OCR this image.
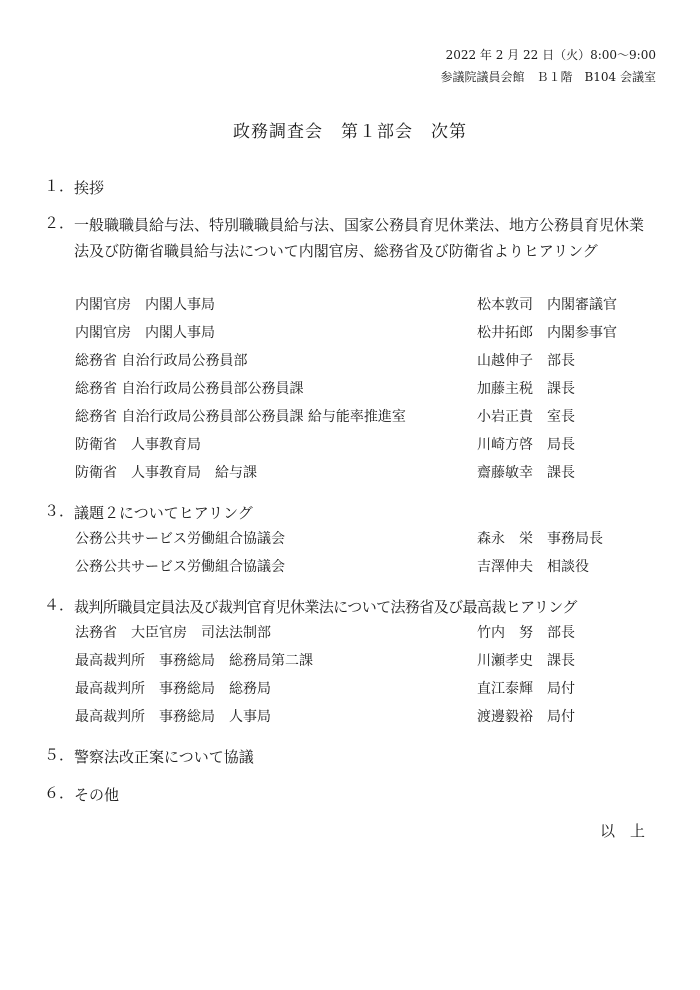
2022 年 2 月 22 日（火）8:00～9:00
参議院議員会館　Ｂ１階　B104 会議室
政務調査会　第１部会　次第
１． 挨拶
２． 一般職職員給与法、特別職職員給与法、国家公務員育児休業法、地方公務員育児休業法及び防衛省職員給与法について内閣官房、総務省及び防衛省よりヒアリング
内閣官房　内閣人事局	松本敦司　内閣審議官
内閣官房　内閣人事局	松井拓郎　内閣参事官
総務省 自治行政局公務員部	山越伸子　部長
総務省 自治行政局公務員部公務員課	加藤主税　課長
総務省 自治行政局公務員部公務員課 給与能率推進室	小岩正貴　室長
防衛省　人事教育局	川崎方啓　局長
防衛省　人事教育局　給与課	齋藤敏幸　課長
３． 議題２についてヒアリング
公務公共サービス労働組合協議会	森永　栄　事務局長
公務公共サービス労働組合協議会	吉澤伸夫　相談役
４． 裁判所職員定員法及び裁判官育児休業法について法務省及び最高裁ヒアリング
法務省　大臣官房　司法法制部	竹内　努　部長
最高裁判所　事務総局　総務局第二課	川瀬孝史　課長
最高裁判所　事務総局　総務局	直江泰輝　局付
最高裁判所　事務総局　人事局	渡邊毅裕　局付
５． 警察法改正案について協議
６． その他
以　上
